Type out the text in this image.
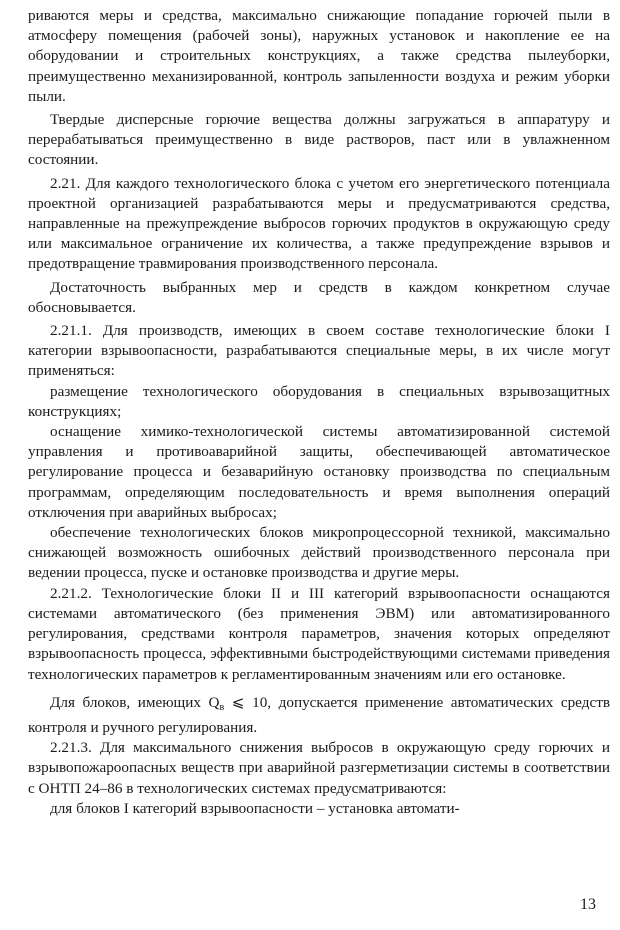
риваются меры и средства, максимально снижающие попадание горючей пыли в атмосферу помещения (рабочей зоны), наружных установок и накопление ее на оборудовании и строительных конструкциях, а также средства пылеуборки, преимущественно механизированной, контроль запыленности воздуха и режим уборки пыли.

Твердые дисперсные горючие вещества должны загружаться в аппаратуру и перерабатываться преимущественно в виде растворов, паст или в увлажненном состоянии.

2.21. Для каждого технологического блока с учетом его энергетического потенциала проектной организацией разрабатываются меры и предусматриваются средства, направленные на прежупреждение выбросов горючих продуктов в окружающую среду или максимальное ограничение их количества, а также предупреждение взрывов и предотвращение травмирования производственного персонала.

Достаточность выбранных мер и средств в каждом конкретном случае обосновывается.

2.21.1. Для производств, имеющих в своем составе технологические блоки I категории взрывоопасности, разрабатываются специальные меры, в их числе могут применяться:

размещение технологического оборудования в специальных взрывозащитных конструкциях;

оснащение химико-технологической системы автоматизированной системой управления и противоаварийной защиты, обеспечивающей автоматическое регулирование процесса и безаварийную остановку производства по специальным программам, определяющим последовательность и время выполнения операций отключения при аварийных выбросах;

обеспечение технологических блоков микропроцессорной техникой, максимально снижающей возможность ошибочных действий производственного персонала при ведении процесса, пуске и остановке производства и другие меры.

2.21.2. Технологические блоки II и III категорий взрывоопасности оснащаются системами автоматического (без применения ЭВМ) или автоматизированного регулирования, средствами контроля параметров, значения которых определяют взрывоопасность процесса, эффективными быстродействующими системами приведения технологических параметров к регламентированным значениям или его остановке.

Для блоков, имеющих $Q_в$ ⩽ 10, допускается применение автоматических средств контроля и ручного регулирования.

2.21.3. Для максимального снижения выбросов в окружающую среду горючих и взрывопожароопасных веществ при аварийной разгерметизации системы в соответствии с ОНТП 24–86 в технологических системах предусматриваются:

для блоков I категорий взрывоопасности – установка автомати-

13
